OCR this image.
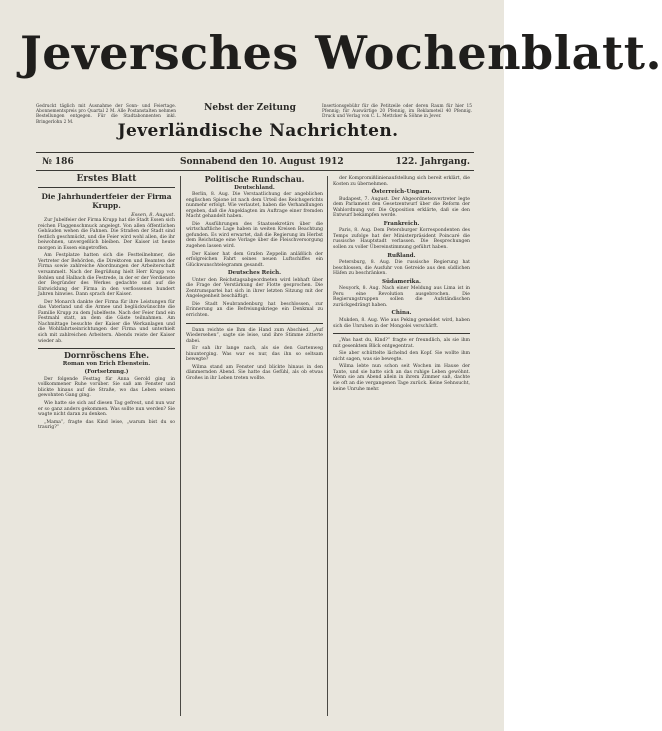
Jeversches Wochenblatt.
Gedruckt täglich mit Ausnahme der Sonn- und Feiertage. Abonnementspreis pro Quartal 2 M. Alle Postanstalten nehmen Bestellungen entgegen. Für die Stadtabonnenten inkl. Bringerlohn 2 M.
Nebst der Zeitung	Insertionsgebühr für die Petitzeile oder deren Raum für hier 15 Pfennig; für Auswärtige 20 Pfennig, im Reklameteil 40 Pfennig. Druck und Verlag von C. L. Mettcker & Söhne in Jever.
Jeverländische Nachrichten.
№ 186	Sonnabend den 10. August 1912	122. Jahrgang.
Erstes Blatt
Die Jahrhundertfeier der Firma Krupp.
Essen, 8. August.

Zur Jubelfeier der Firma Krupp hat die Stadt Essen sich reichen Flaggenschmuck angelegt. Von allen öffentlichen Gebäuden wehen die Fahnen. Die Straßen der Stadt sind festlich geschmückt, und die Feier wird wohl allen, die ihr beiwohnen, unvergeßlich bleiben. Der Kaiser ist heute morgen in Essen eingetroffen.

Am Festplatze hatten sich die Festteilnehmer, die Vertreter der Behörden, die Direktoren und Beamten der Firma sowie zahlreiche Abordnungen der Arbeiterschaft versammelt. Nach der Begrüßung hielt Herr Krupp von Bohlen und Halbach die Festrede, in der er der Verdienste der Begründer des Werkes gedachte und auf die Entwicklung der Firma in den verflossenen hundert Jahren hinwies. Dann sprach der Kaiser.

Der Monarch dankte der Firma für ihre Leistungen für das Vaterland und die Armee und beglückwünschte die Familie Krupp zu dem Jubelfeste. Nach der Feier fand ein Festmahl statt, an dem die Gäste teilnahmen. Am Nachmittage besuchte der Kaiser die Werkanlagen und die Wohlfahrtseinrichtungen der Firma und unterhielt sich mit zahlreichen Arbeitern. Abends reiste der Kaiser wieder ab.

Dornröschens Ehe.
Roman von Erich Ebenstein.
(Fortsetzung.)

Der folgende Festtag für Anna Gerold ging in vollkommener Ruhe vorüber. Sie saß am Fenster und blickte hinaus auf die Straße, wo das Leben seinen gewohnten Gang ging.

Wie hatte sie sich auf diesen Tag gefreut, und nun war er so ganz anders gekommen. Was sollte nun werden? Sie wagte nicht daran zu denken.

„Mama“, fragte das Kind leise, „warum bist du so traurig?“

Politische Rundschau.
Deutschland.

Berlin, 8. Aug. Die Verstaatlichung der angeblichen englischen Spione ist nach dem Urteil des Reichsgerichts nunmehr erfolgt. Wie verlautet, haben die Verhandlungen ergeben, daß die Angeklagten im Auftrage einer fremden Macht gehandelt haben.

Die Ausführungen des Staatssekretärs über die wirtschaftliche Lage haben in weiten Kreisen Beachtung gefunden. Es wird erwartet, daß die Regierung im Herbst dem Reichstage eine Vorlage über die Fleischversorgung zugehen lassen wird.

Der Kaiser hat dem Grafen Zeppelin anläßlich der erfolgreichen Fahrt seines neuen Luftschiffes ein Glückwunschtelegramm gesandt.

Deutsches Reich.

Unter den Reichstagsabgeordneten wird lebhaft über die Frage der Verstärkung der Flotte gesprochen. Die Zentrumspartei hat sich in ihrer letzten Sitzung mit der Angelegenheit beschäftigt.

Die Stadt Neubrandenburg hat beschlossen, zur Erinnerung an die Befreiungskriege ein Denkmal zu errichten.

Dann reichte sie Ihm die Hand zum Abschied. „Auf Wiedersehen“, sagte sie leise, und ihre Stimme zitterte dabei.

Er sah ihr lange nach, als sie den Gartenweg hinunterging. Was war es nur, das ihn so seltsam bewegte?

Wilma stand am Fenster und blickte hinaus in den dämmernden Abend. Sie hatte das Gefühl, als ob etwas Großes in ihr Leben treten wollte.

der Kompromißlinienaufstellung sich bereit erklärt, die Kosten zu übernehmen.

Österreich-Ungarn.

Budapest, 7. August. Der Abgeordnetenvertreter legte dem Parlament den Gesetzentwurf über die Reform der Wahlordnung vor. Die Opposition erklärte, daß sie den Entwurf bekämpfen werde.

Frankreich.

Paris, 8. Aug. Dem Petersburger Korrespondenten des Temps zufolge hat der Ministerpräsident Poincaré die russische Hauptstadt verlassen. Die Besprechungen sollen zu voller Übereinstimmung geführt haben.

Rußland.

Petersburg, 8. Aug. Die russische Regierung hat beschlossen, die Ausfuhr von Getreide aus den südlichen Häfen zu beschränken.

Südamerika.

Neuyork, 8. Aug. Nach einer Meldung aus Lima ist in Peru eine Revolution ausgebrochen. Die Regierungstruppen sollen die Aufständischen zurückgedrängt haben.

China.

Mukden, 8. Aug. Wie aus Peking gemeldet wird, haben sich die Unruhen in der Mongolei verschärft.

„Was hast du, Kind?“ fragte er freundlich, als sie ihm mit gesenktem Blick entgegentrat.

Sie aber schüttelte lächelnd den Kopf. Sie wollte ihm nicht sagen, was sie bewegte.

Wilma lebte nun schon seit Wochen im Hause der Tante, und sie hatte sich an das ruhige Leben gewöhnt. Wenn sie am Abend allein in ihrem Zimmer saß, dachte sie oft an die vergangenen Tage zurück. Keine Sehnsucht, keine Unruhe mehr.
